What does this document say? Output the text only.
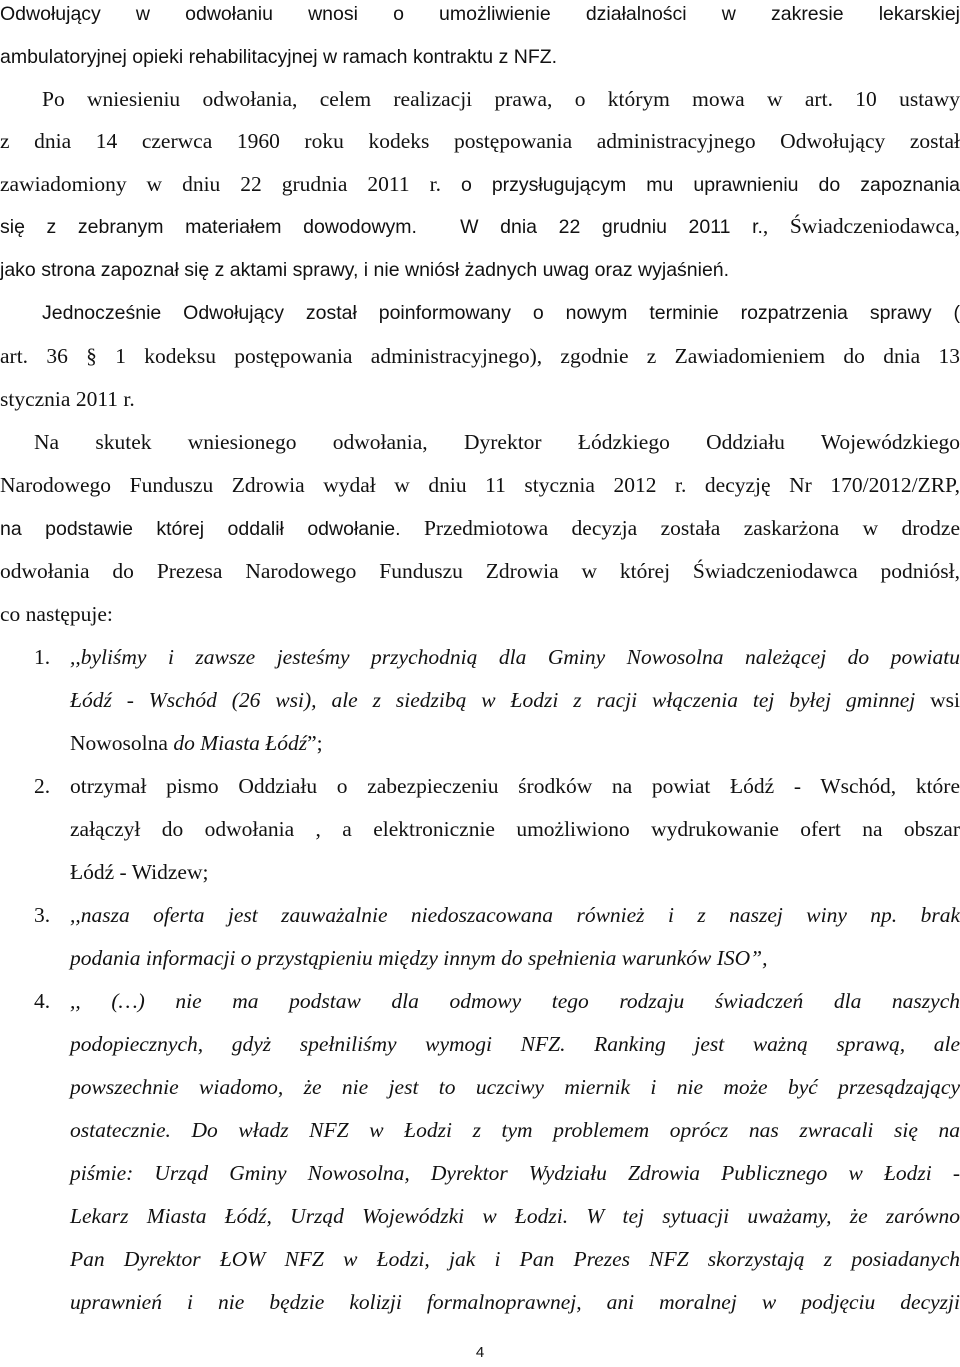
Odwołujący w odwołaniu wnosi o umożliwienie działalności w zakresie lekarskiej
ambulatoryjnej opieki rehabilitacyjnej w ramach kontraktu z NFZ.
Po wniesieniu odwołania, celem realizacji prawa, o którym mowa w art. 10 ustawy
z dnia 14 czerwca 1960 roku kodeks postępowania administracyjnego Odwołujący został
zawiadomiony w dniu 22 grudnia 2011 r. o przysługującym mu uprawnieniu do zapoznania
się z zebranym materiałem dowodowym. W dnia 22 grudniu 2011 r., Świadczeniodawca,
jako strona zapoznał się z aktami sprawy, i nie wniósł żadnych uwag oraz wyjaśnień.
Jednocześnie Odwołujący został poinformowany o nowym terminie rozpatrzenia sprawy (
art. 36 § 1 kodeksu postępowania administracyjnego), zgodnie z Zawiadomieniem do dnia 13
stycznia 2011 r.
Na skutek wniesionego odwołania, Dyrektor Łódzkiego Oddziału Wojewódzkiego
Narodowego Funduszu Zdrowia wydał w dniu 11 stycznia 2012 r. decyzję Nr 170/2012/ZRP,
na podstawie której oddalił odwołanie. Przedmiotowa decyzja została zaskarżona w drodze
odwołania do Prezesa Narodowego Funduszu Zdrowia w której Świadczeniodawca podniósł,
co następuje:
1. ,,byliśmy i zawsze jesteśmy przychodnią dla Gminy Nowosolna należącej do powiatu
Łódź - Wschód (26 wsi), ale z siedzibą w Łodzi z racji włączenia tej byłej gminnej wsi
Nowosolna do Miasta Łódź”;
2. otrzymał pismo Oddziału o zabezpieczeniu środków na powiat Łódź - Wschód, które
załączył do odwołania , a elektronicznie umożliwiono wydrukowanie ofert na obszar
Łódź - Widzew;
3. ,,nasza oferta jest zauważalnie niedoszacowana również i z naszej winy np. brak
podania informacji o przystąpieniu między innym do spełnienia warunków ISO”,
4. ,, (…) nie ma podstaw dla odmowy tego rodzaju świadczeń dla naszych
podopiecznych, gdyż spełniliśmy wymogi NFZ. Ranking jest ważną sprawą, ale
powszechnie wiadomo, że nie jest to uczciwy miernik i nie może być przesądzający
ostatecznie. Do władz NFZ w Łodzi z tym problemem oprócz nas zwracali się na
piśmie: Urząd Gminy Nowosolna, Dyrektor Wydziału Zdrowia Publicznego w Łodzi -
Lekarz Miasta Łódź, Urząd Wojewódzki w Łodzi. W tej sytuacji uważamy, że zarówno
Pan Dyrektor ŁOW NFZ w Łodzi, jak i Pan Prezes NFZ skorzystają z posiadanych
uprawnień i nie będzie kolizji formalnoprawnej, ani moralnej w podjęciu decyzji
4
